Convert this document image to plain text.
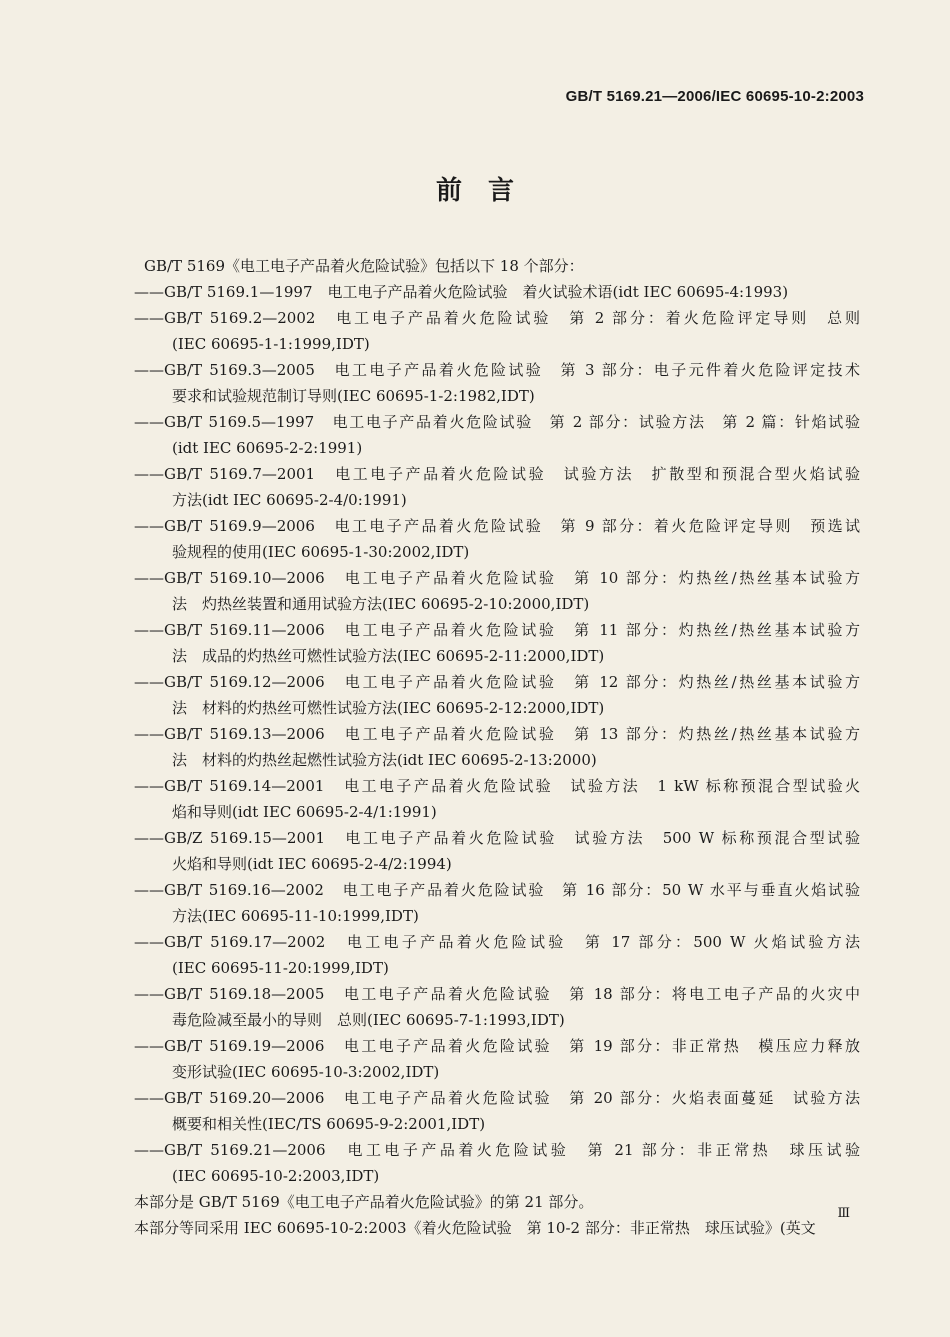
GB/T 5169.21—2006/IEC 60695-10-2:2003
前　言

GB/T 5169《电工电子产品着火危险试验》包括以下 18 个部分：

——GB/T 5169.1—1997　电工电子产品着火危险试验　着火试验术语(idt IEC 60695-4:1993)

——GB/T 5169.2—2002　电工电子产品着火危险试验　第 2 部分：着火危险评定导则　总则
(IEC 60695-1-1:1999,IDT)

——GB/T 5169.3—2005　电工电子产品着火危险试验　第 3 部分：电子元件着火危险评定技术
要求和试验规范制订导则(IEC 60695-1-2:1982,IDT)

——GB/T 5169.5—1997　电工电子产品着火危险试验　第 2 部分：试验方法　第 2 篇：针焰试验
(idt IEC 60695-2-2:1991)

——GB/T 5169.7—2001　电工电子产品着火危险试验　试验方法　扩散型和预混合型火焰试验
方法(idt IEC 60695-2-4/0:1991)

——GB/T 5169.9—2006　电工电子产品着火危险试验　第 9 部分：着火危险评定导则　预选试
验规程的使用(IEC 60695-1-30:2002,IDT)

——GB/T 5169.10—2006　电工电子产品着火危险试验　第 10 部分：灼热丝/热丝基本试验方
法　灼热丝装置和通用试验方法(IEC 60695-2-10:2000,IDT)

——GB/T 5169.11—2006　电工电子产品着火危险试验　第 11 部分：灼热丝/热丝基本试验方
法　成品的灼热丝可燃性试验方法(IEC 60695-2-11:2000,IDT)

——GB/T 5169.12—2006　电工电子产品着火危险试验　第 12 部分：灼热丝/热丝基本试验方
法　材料的灼热丝可燃性试验方法(IEC 60695-2-12:2000,IDT)

——GB/T 5169.13—2006　电工电子产品着火危险试验　第 13 部分：灼热丝/热丝基本试验方
法　材料的灼热丝起燃性试验方法(idt IEC 60695-2-13:2000)

——GB/T 5169.14—2001　电工电子产品着火危险试验　试验方法　1 kW 标称预混合型试验火
焰和导则(idt IEC 60695-2-4/1:1991)

——GB/Z 5169.15—2001　电工电子产品着火危险试验　试验方法　500 W 标称预混合型试验
火焰和导则(idt IEC 60695-2-4/2:1994)

——GB/T 5169.16—2002　电工电子产品着火危险试验　第 16 部分：50 W 水平与垂直火焰试验
方法(IEC 60695-11-10:1999,IDT)

——GB/T 5169.17—2002　电工电子产品着火危险试验　第 17 部分：500 W 火焰试验方法
(IEC 60695-11-20:1999,IDT)

——GB/T 5169.18—2005　电工电子产品着火危险试验　第 18 部分：将电工电子产品的火灾中
毒危险减至最小的导则　总则(IEC 60695-7-1:1993,IDT)

——GB/T 5169.19—2006　电工电子产品着火危险试验　第 19 部分：非正常热　模压应力释放
变形试验(IEC 60695-10-3:2002,IDT)

——GB/T 5169.20—2006　电工电子产品着火危险试验　第 20 部分：火焰表面蔓延　试验方法
概要和相关性(IEC/TS 60695-9-2:2001,IDT)

——GB/T 5169.21—2006　电工电子产品着火危险试验　第 21 部分：非正常热　球压试验
(IEC 60695-10-2:2003,IDT)

本部分是 GB/T 5169《电工电子产品着火危险试验》的第 21 部分。

本部分等同采用 IEC 60695-10-2:2003《着火危险试验　第 10-2 部分：非正常热　球压试验》(英文

Ⅲ
